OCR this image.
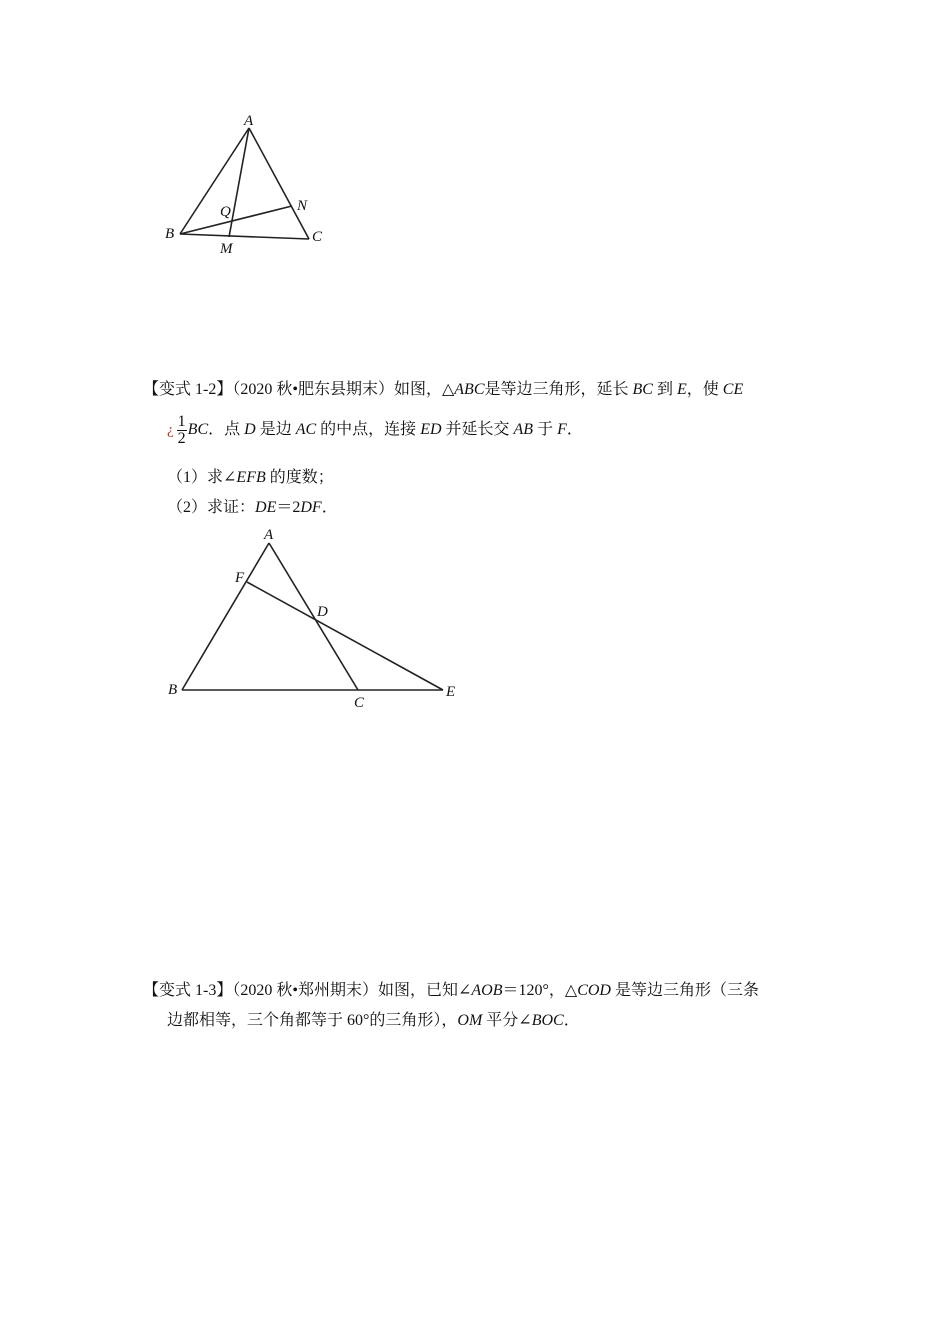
A
B	C
M
N
Q
【变式 1-2】（2020 秋•肥东县期末）如图，△ABC是等边三角形，延长 BC 到 E，使 CE
¿ $\frac{1}{2}$ BC．点 D 是边 AC 的中点，连接 ED 并延长交 AB 于 F．
（1）求∠EFB 的度数；
（2）求证：DE＝2DF．
A
B
C
D
E
F
【变式 1-3】（2020 秋•郑州期末）如图，已知∠AOB＝120°，△COD 是等边三角形（三条
边都相等，三个角都等于 60°的三角形），OM 平分∠BOC．
